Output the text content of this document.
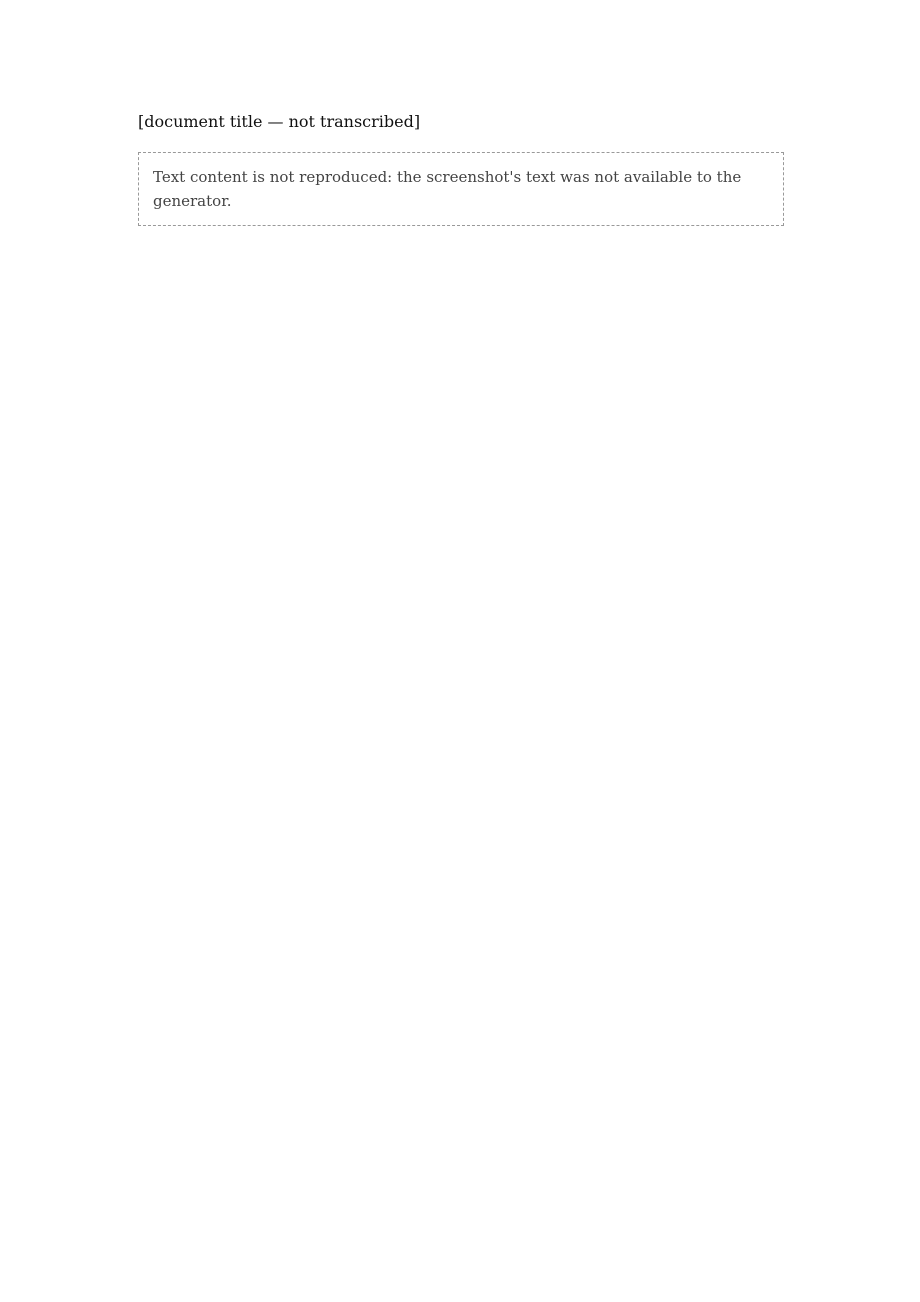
[document title — not transcribed]
Text content is not reproduced: the screenshot's text was not available to the generator.
